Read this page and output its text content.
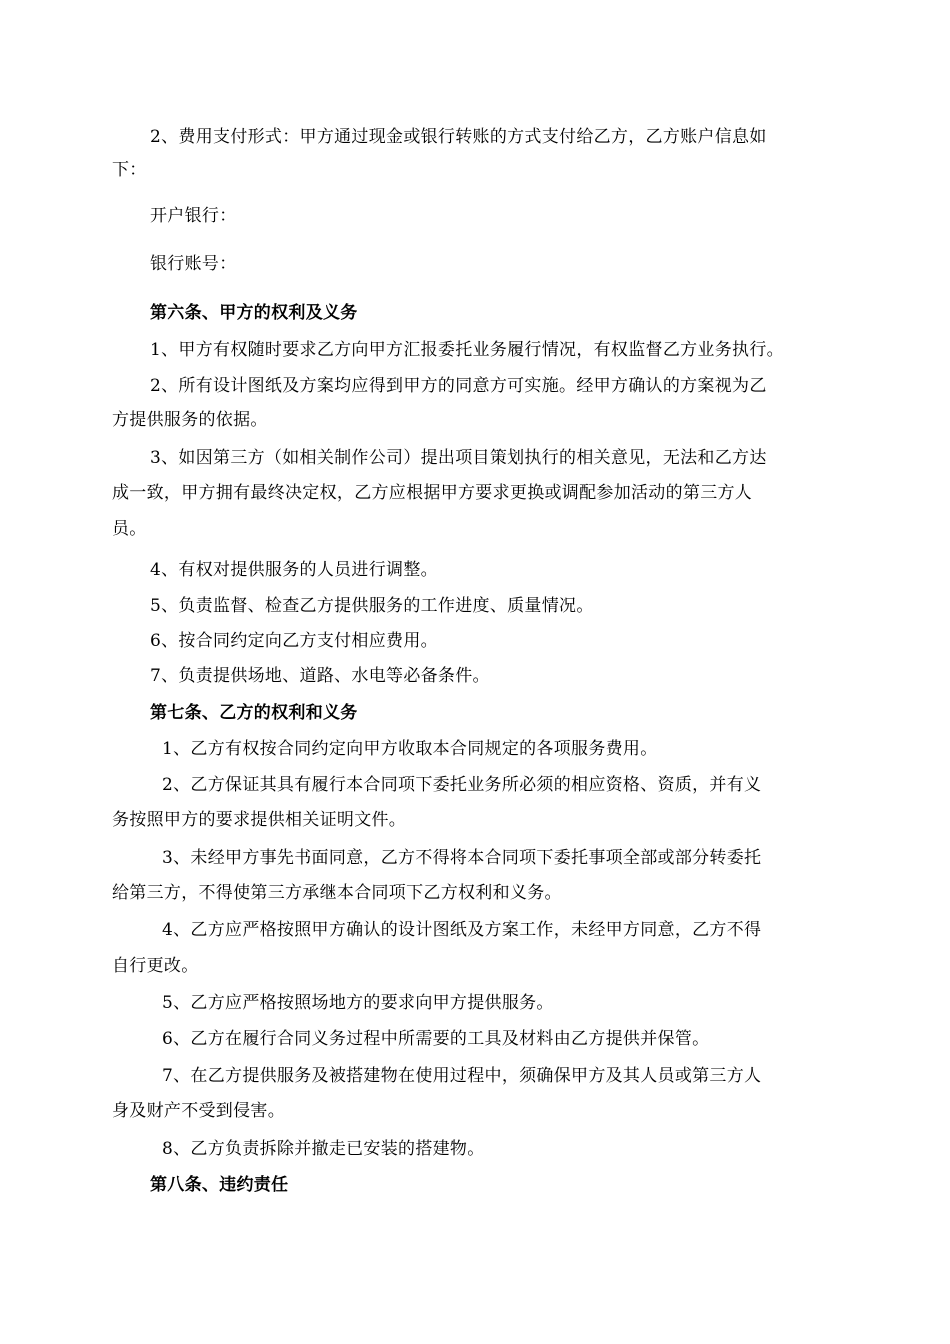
2、费用支付形式：甲方通过现金或银行转账的方式支付给乙方，乙方账户信息如
下：
开户银行：
银行账号：
第六条、甲方的权利及义务
1、甲方有权随时要求乙方向甲方汇报委托业务履行情况，有权监督乙方业务执行。
2、所有设计图纸及方案均应得到甲方的同意方可实施。经甲方确认的方案视为乙
方提供服务的依据。
3、如因第三方（如相关制作公司）提出项目策划执行的相关意见，无法和乙方达
成一致，甲方拥有最终决定权，乙方应根据甲方要求更换或调配参加活动的第三方人
员。
4、有权对提供服务的人员进行调整。
5、负责监督、检查乙方提供服务的工作进度、质量情况。
6、按合同约定向乙方支付相应费用。
7、负责提供场地、道路、水电等必备条件。
第七条、乙方的权利和义务
1、乙方有权按合同约定向甲方收取本合同规定的各项服务费用。
2、乙方保证其具有履行本合同项下委托业务所必须的相应资格、资质，并有义
务按照甲方的要求提供相关证明文件。
3、未经甲方事先书面同意，乙方不得将本合同项下委托事项全部或部分转委托
给第三方，不得使第三方承继本合同项下乙方权利和义务。
4、乙方应严格按照甲方确认的设计图纸及方案工作，未经甲方同意，乙方不得
自行更改。
5、乙方应严格按照场地方的要求向甲方提供服务。
6、乙方在履行合同义务过程中所需要的工具及材料由乙方提供并保管。
7、在乙方提供服务及被搭建物在使用过程中，须确保甲方及其人员或第三方人
身及财产不受到侵害。
8、乙方负责拆除并撤走已安装的搭建物。
第八条、违约责任
